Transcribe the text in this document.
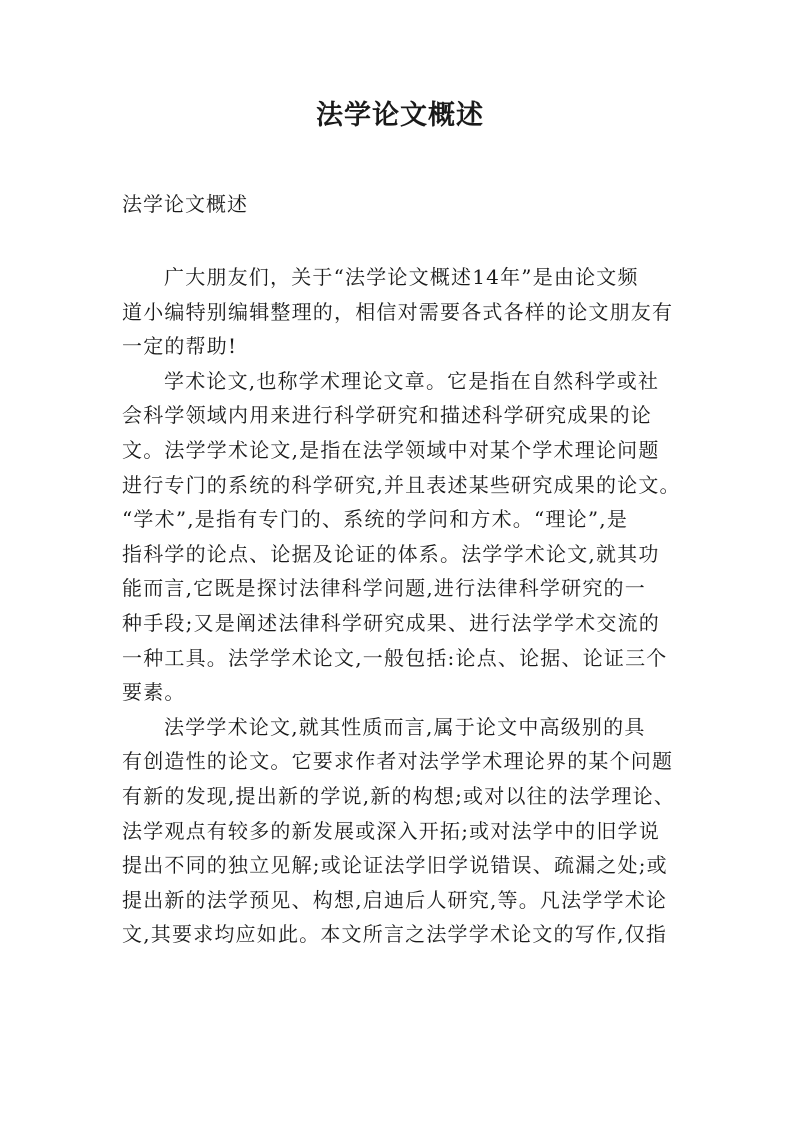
法学论文概述
法学论文概述
广大朋友们，关于“法学论文概述14年”是由论文频
道小编特别编辑整理的，相信对需要各式各样的论文朋友有
一定的帮助!
学术论文,也称学术理论文章。它是指在自然科学或社
会科学领域内用来进行科学研究和描述科学研究成果的论
文。法学学术论文,是指在法学领域中对某个学术理论问题
进行专门的系统的科学研究,并且表述某些研究成果的论文。
“学术”,是指有专门的、系统的学问和方术。“理论”,是
指科学的论点、论据及论证的体系。法学学术论文,就其功
能而言,它既是探讨法律科学问题,进行法律科学研究的一
种手段;又是阐述法律科学研究成果、进行法学学术交流的
一种工具。法学学术论文,一般包括:论点、论据、论证三个
要素。
法学学术论文,就其性质而言,属于论文中高级别的具
有创造性的论文。它要求作者对法学学术理论界的某个问题
有新的发现,提出新的学说,新的构想;或对以往的法学理论、
法学观点有较多的新发展或深入开拓;或对法学中的旧学说
提出不同的独立见解;或论证法学旧学说错误、疏漏之处;或
提出新的法学预见、构想,启迪后人研究,等。凡法学学术论
文,其要求均应如此。本文所言之法学学术论文的写作,仅指
